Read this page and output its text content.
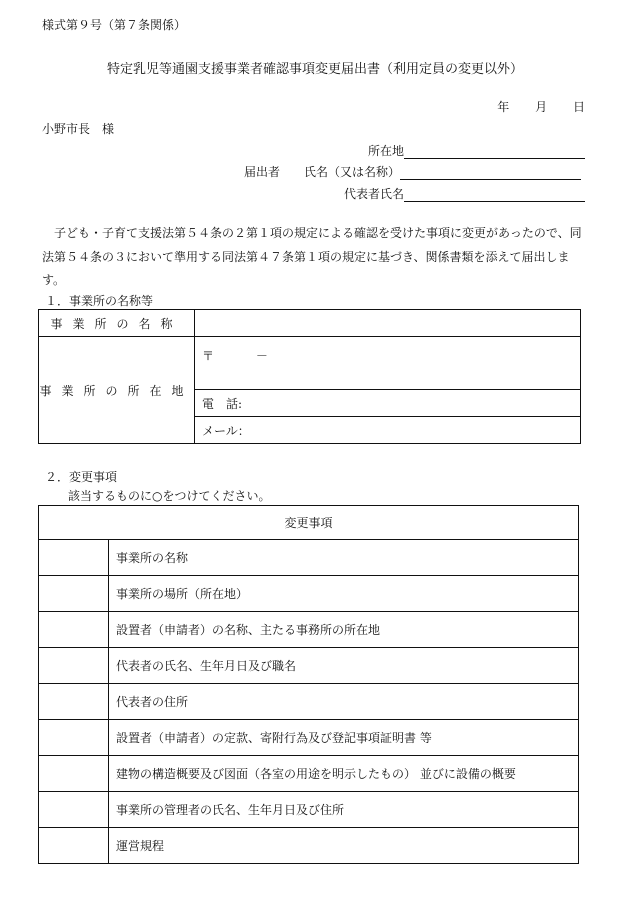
様式第９号（第７条関係）
特定乳児等通園支援事業者確認事項変更届出書（利用定員の変更以外）
年 月 日
小野市長　様
所在地
届出者 氏名（又は名称）
代表者氏名
子ども・子育て支援法第５４条の２第１項の規定による確認を受けた事項に変更があったので、同法第５４条の３において準用する同法第４７条第１項の規定に基づき、関係書類を添えて届出します。
１．事業所の名称等
事業所の名称	
事業所の所在地	〒 －
	電　話:
	メール：
２．変更事項
該当するものに○をつけてください。
変更事項	
	事業所の名称
	事業所の場所（所在地）
	設置者（申請者）の名称、主たる事務所の所在地
	代表者の氏名、生年月日及び職名
	代表者の住所
	設置者（申請者）の定款、寄附行為及び登記事項証明書 等
	建物の構造概要及び図面（各室の用途を明示したもの） 並びに設備の概要
	事業所の管理者の氏名、生年月日及び住所
	運営規程
